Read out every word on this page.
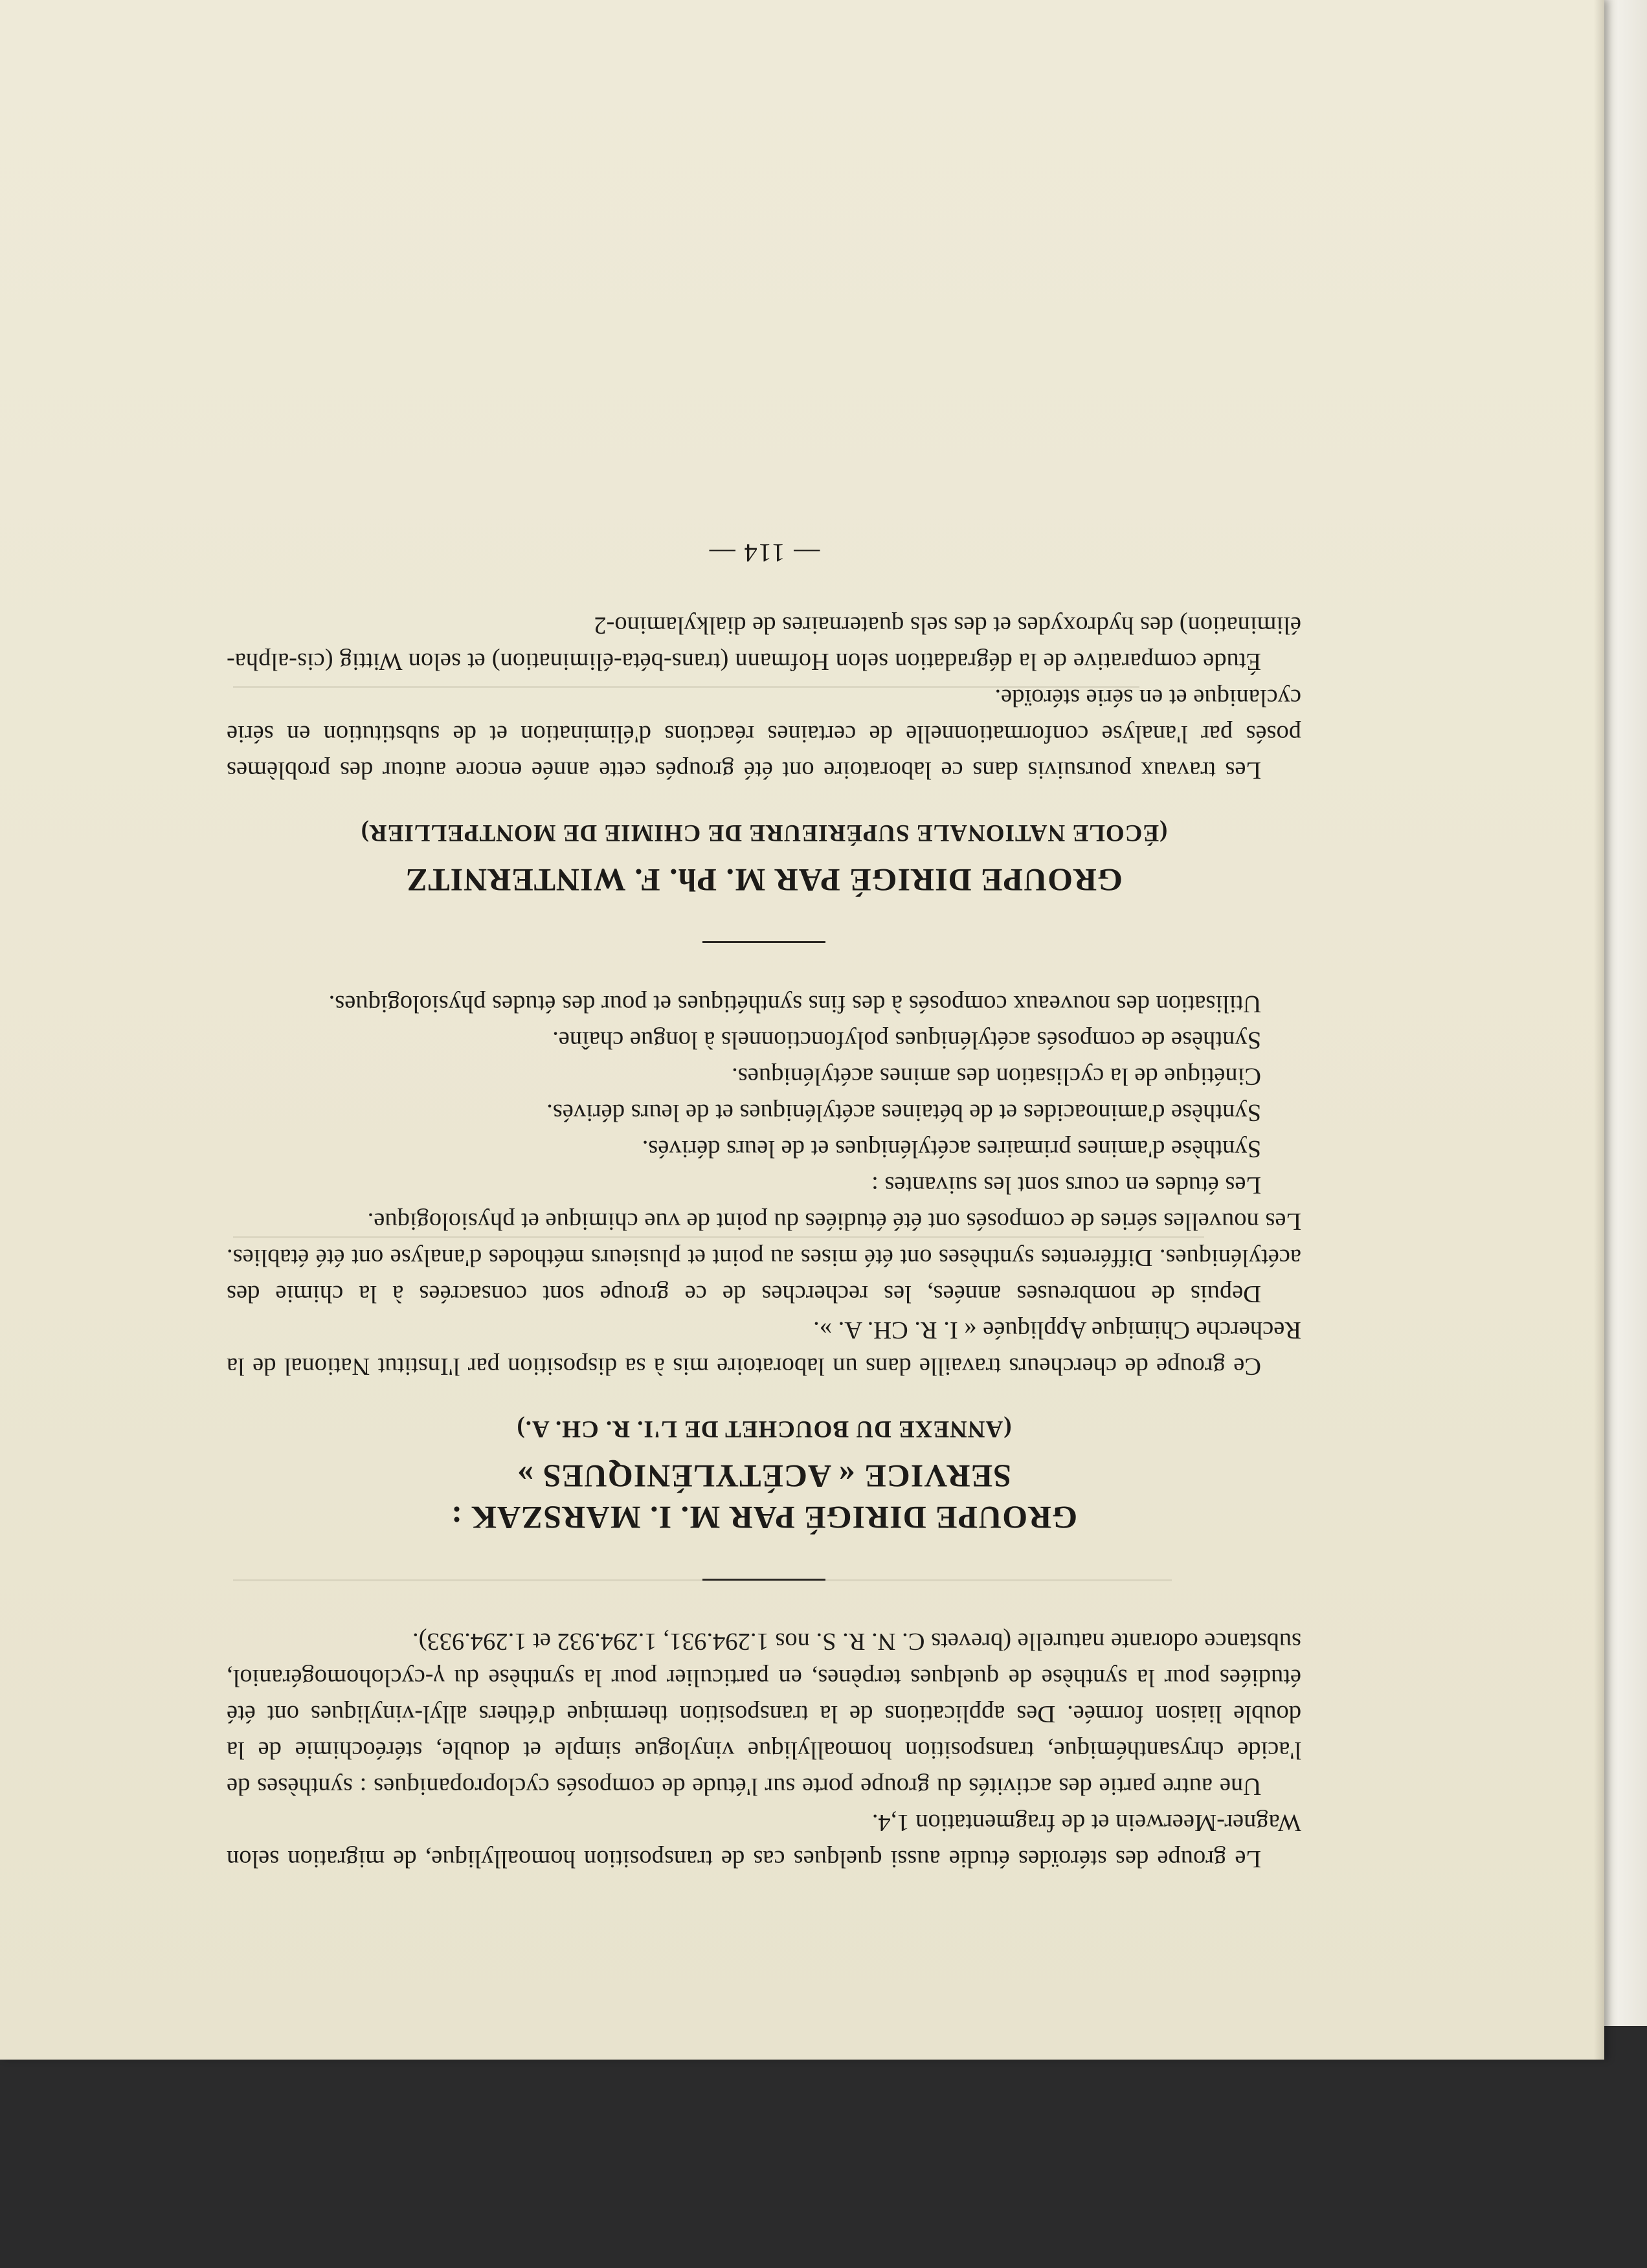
Le groupe des stéroïdes étudie aussi quelques cas de transposition homoallylique, de migration selon Wagner-Meerwein et de fragmentation 1,4.

Une autre partie des activités du groupe porte sur l'étude de composés cyclopropaniques : synthèses de l'acide chrysanthémique, transposition homoallylique vinylogue simple et double, stéréochimie de la double liaison formée. Des applications de la transposition thermique d'éthers allyl-vinyliques ont été étudiées pour la synthèse de quelques terpènes, en particulier pour la synthèse du γ-cyclohomogéraniol, substance odorante naturelle (brevets C. N. R. S. nos 1.294.931, 1.294.932 et 1.294.933).

GROUPE DIRIGÉ PAR M. I. MARSZAK :
SERVICE « ACÉTYLÉNIQUES »
(ANNEXE DU BOUCHET DE L'I. R. CH. A.)

Ce groupe de chercheurs travaille dans un laboratoire mis à sa disposition par l'Institut National de la Recherche Chimique Appliquée « I. R. CH. A. ».

Depuis de nombreuses années, les recherches de ce groupe sont consacrées à la chimie des acétyléniques. Différentes synthèses ont été mises au point et plusieurs méthodes d'analyse ont été établies. Les nouvelles séries de composés ont été étudiées du point de vue chimique et physiologique.

Les études en cours sont les suivantes :

Synthèse d'amines primaires acétyléniques et de leurs dérivés.

Synthèse d'aminoacides et de bétaines acétyléniques et de leurs dérivés.

Cinétique de la cyclisation des amines acétyléniques.

Synthèse de composés acétyléniques polyfonctionnels à longue chaîne.

Utilisation des nouveaux composés à des fins synthétiques et pour des études physiologiques.

GROUPE DIRIGÉ PAR M. Ph. F. WINTERNITZ
(ÉCOLE NATIONALE SUPÉRIEURE DE CHIMIE DE MONTPELLIER)

Les travaux poursuivis dans ce laboratoire ont été groupés cette année encore autour des problèmes posés par l'analyse conformationnelle de certaines réactions d'élimination et de substitution en série cyclanique et en série stéroïde.

Étude comparative de la dégradation selon Hofmann (trans-béta-élimination) et selon Wittig (cis-alpha-élimination) des hydroxydes et des sels quaternaires de dialkylamino-2

— 114 —
